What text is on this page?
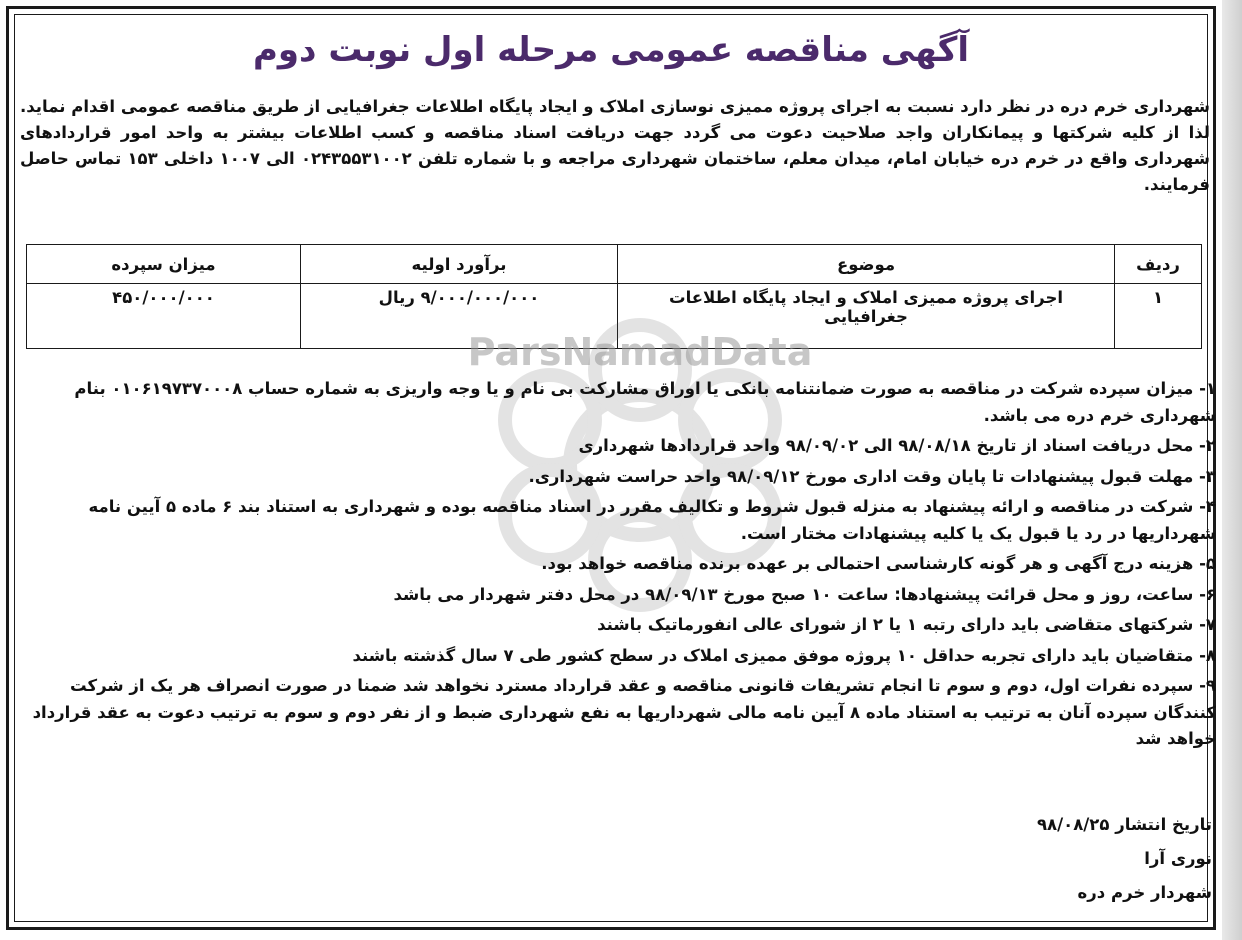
آگهی مناقصه عمومی مرحله اول نوبت دوم
شهرداری خرم دره در نظر دارد نسبت به اجرای پروژه ممیزی نوسازی املاک و ایجاد پایگاه اطلاعات جغرافیایی از طریق مناقصه عمومی اقدام نماید. لذا از کلیه شرکتها و پیمانکاران واجد صلاحیت دعوت می گردد جهت دریافت اسناد مناقصه و کسب اطلاعات بیشتر به واحد امور قراردادهای شهرداری واقع در خرم دره خیابان امام، میدان معلم، ساختمان شهرداری مراجعه و با شماره تلفن ۰۲۴۳۵۵۳۱۰۰۲ الی ۱۰۰۷ داخلی ۱۵۳ تماس حاصل فرمایند.
ردیف	موضوع	برآورد اولیه	میزان سپرده
۱	اجرای پروژه ممیزی املاک و ایجاد پایگاه اطلاعات جغرافیایی	۹/۰۰۰/۰۰۰/۰۰۰ ریال	۴۵۰/۰۰۰/۰۰۰
ParsNamadData

۱- میزان سپرده شرکت در مناقصه به صورت ضمانتنامه بانکی یا اوراق مشارکت بی نام و یا وجه واریزی به شماره حساب ۰۱۰۶۱۹۷۳۷۰۰۰۸ بنام شهرداری خرم دره می باشد.

۲- محل دریافت اسناد از تاریخ ۹۸/۰۸/۱۸ الی ۹۸/۰۹/۰۲ واحد قراردادها شهرداری

۳- مهلت قبول پیشنهادات تا پایان وقت اداری مورخ ۹۸/۰۹/۱۲ واحد حراست شهرداری.

۴- شرکت در مناقصه و ارائه پیشنهاد به منزله قبول شروط و تکالیف مقرر در اسناد مناقصه بوده و شهرداری به استناد بند ۶ ماده ۵ آیین نامه شهرداریها در رد یا قبول یک یا کلیه پیشنهادات مختار است.

۵- هزینه درج آگهی و هر گونه کارشناسی احتمالی بر عهده برنده مناقصه خواهد بود.

۶- ساعت، روز و محل قرائت پیشنهادها: ساعت ۱۰ صبح مورخ ۹۸/۰۹/۱۳ در محل دفتر شهردار می باشد

۷- شرکتهای متقاضی باید دارای رتبه ۱ یا ۲ از شورای عالی انفورماتیک باشند

۸- متقاضیان باید دارای تجربه حداقل ۱۰ پروژه موفق ممیزی املاک در سطح کشور طی ۷ سال گذشته باشند

۹- سپرده نفرات اول، دوم و سوم تا انجام تشریفات قانونی مناقصه و عقد قرارداد مسترد نخواهد شد ضمنا در صورت انصراف هر یک از شرکت کنندگان سپرده آنان به ترتیب به استناد ماده ۸ آیین نامه مالی شهرداریها به نفع شهرداری ضبط و از نفر دوم و سوم به ترتیب دعوت به عقد قرارداد خواهد شد

تاریخ انتشار ۹۸/۰۸/۲۵
نوری آرا
شهردار خرم دره
